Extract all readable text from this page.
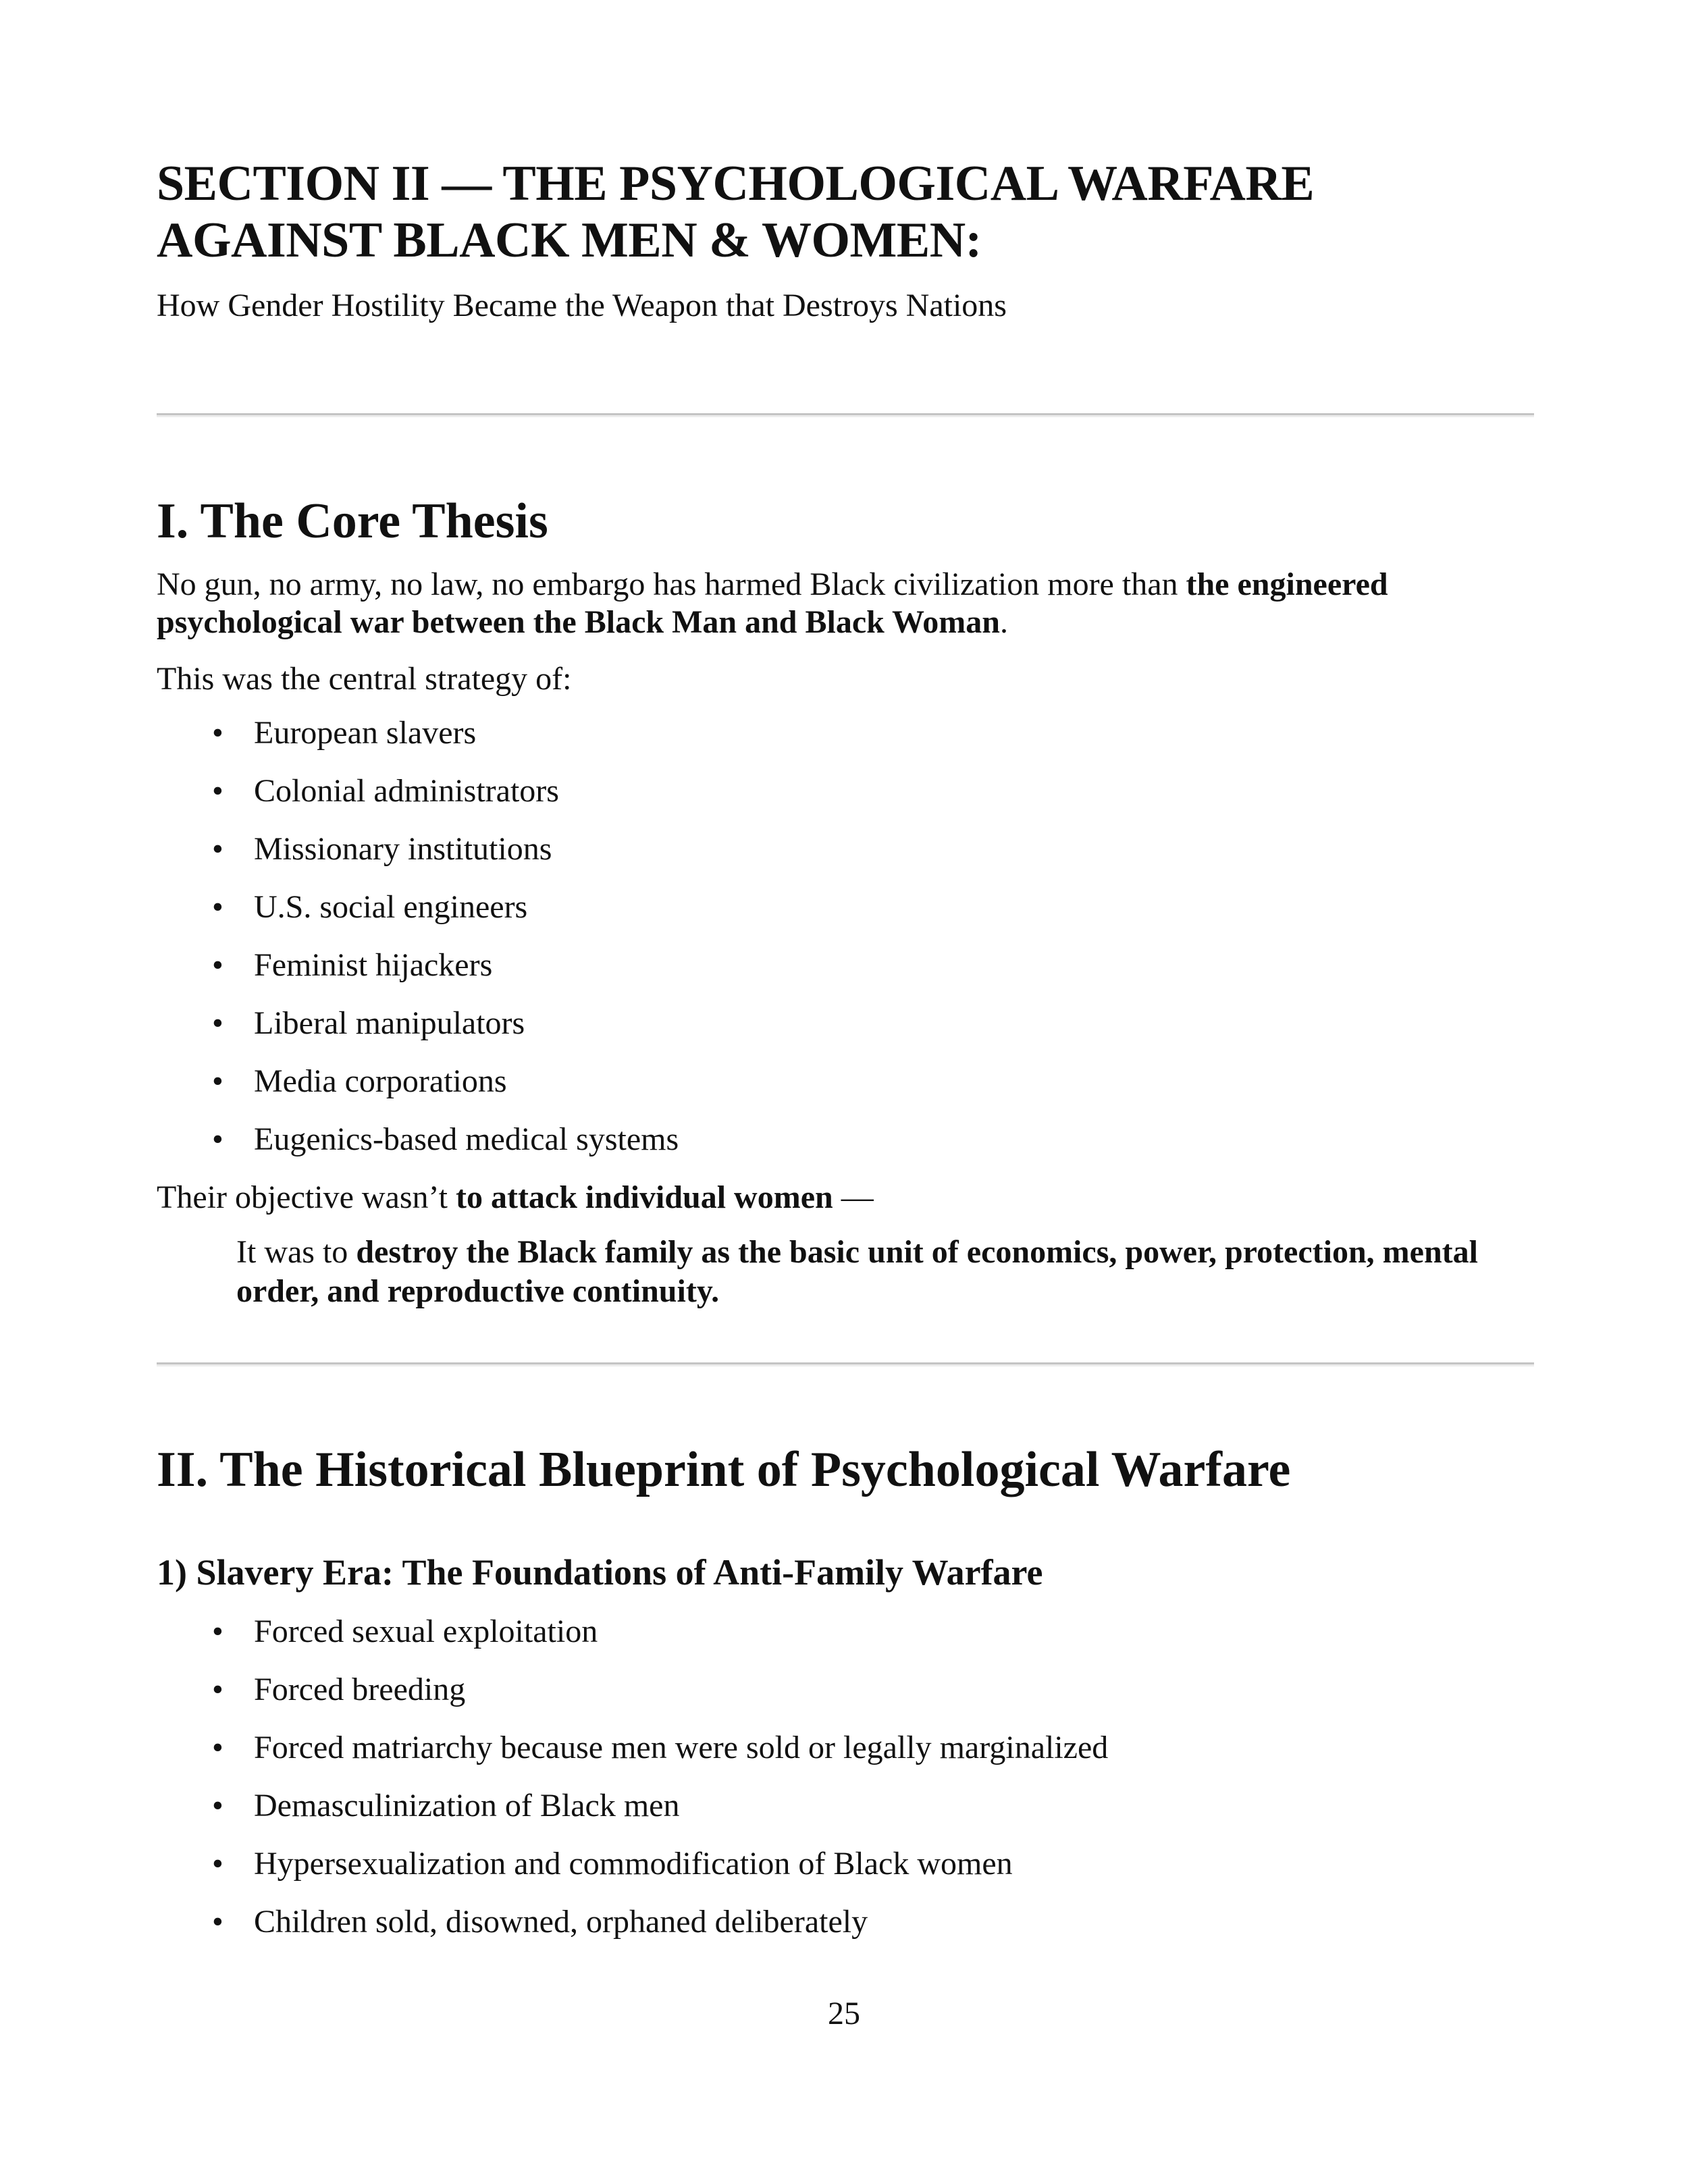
SECTION II — THE PSYCHOLOGICAL WARFARE AGAINST BLACK MEN & WOMEN:

How Gender Hostility Became the Weapon that Destroys Nations

I. The Core Thesis

No gun, no army, no law, no embargo has harmed Black civilization more than the engineered psychological war between the Black Man and Black Woman.

This was the central strategy of:

• European slavers
• Colonial administrators
• Missionary institutions
• U.S. social engineers
• Feminist hijackers
• Liberal manipulators
• Media corporations
• Eugenics-based medical systems

Their objective wasn’t to attack individual women —

It was to destroy the Black family as the basic unit of economics, power, protection, mental order, and reproductive continuity.

II. The Historical Blueprint of Psychological Warfare
1) Slavery Era: The Foundations of Anti-Family Warfare
• Forced sexual exploitation
• Forced breeding
• Forced matriarchy because men were sold or legally marginalized
• Demasculinization of Black men
• Hypersexualization and commodification of Black women
• Children sold, disowned, orphaned deliberately
25
